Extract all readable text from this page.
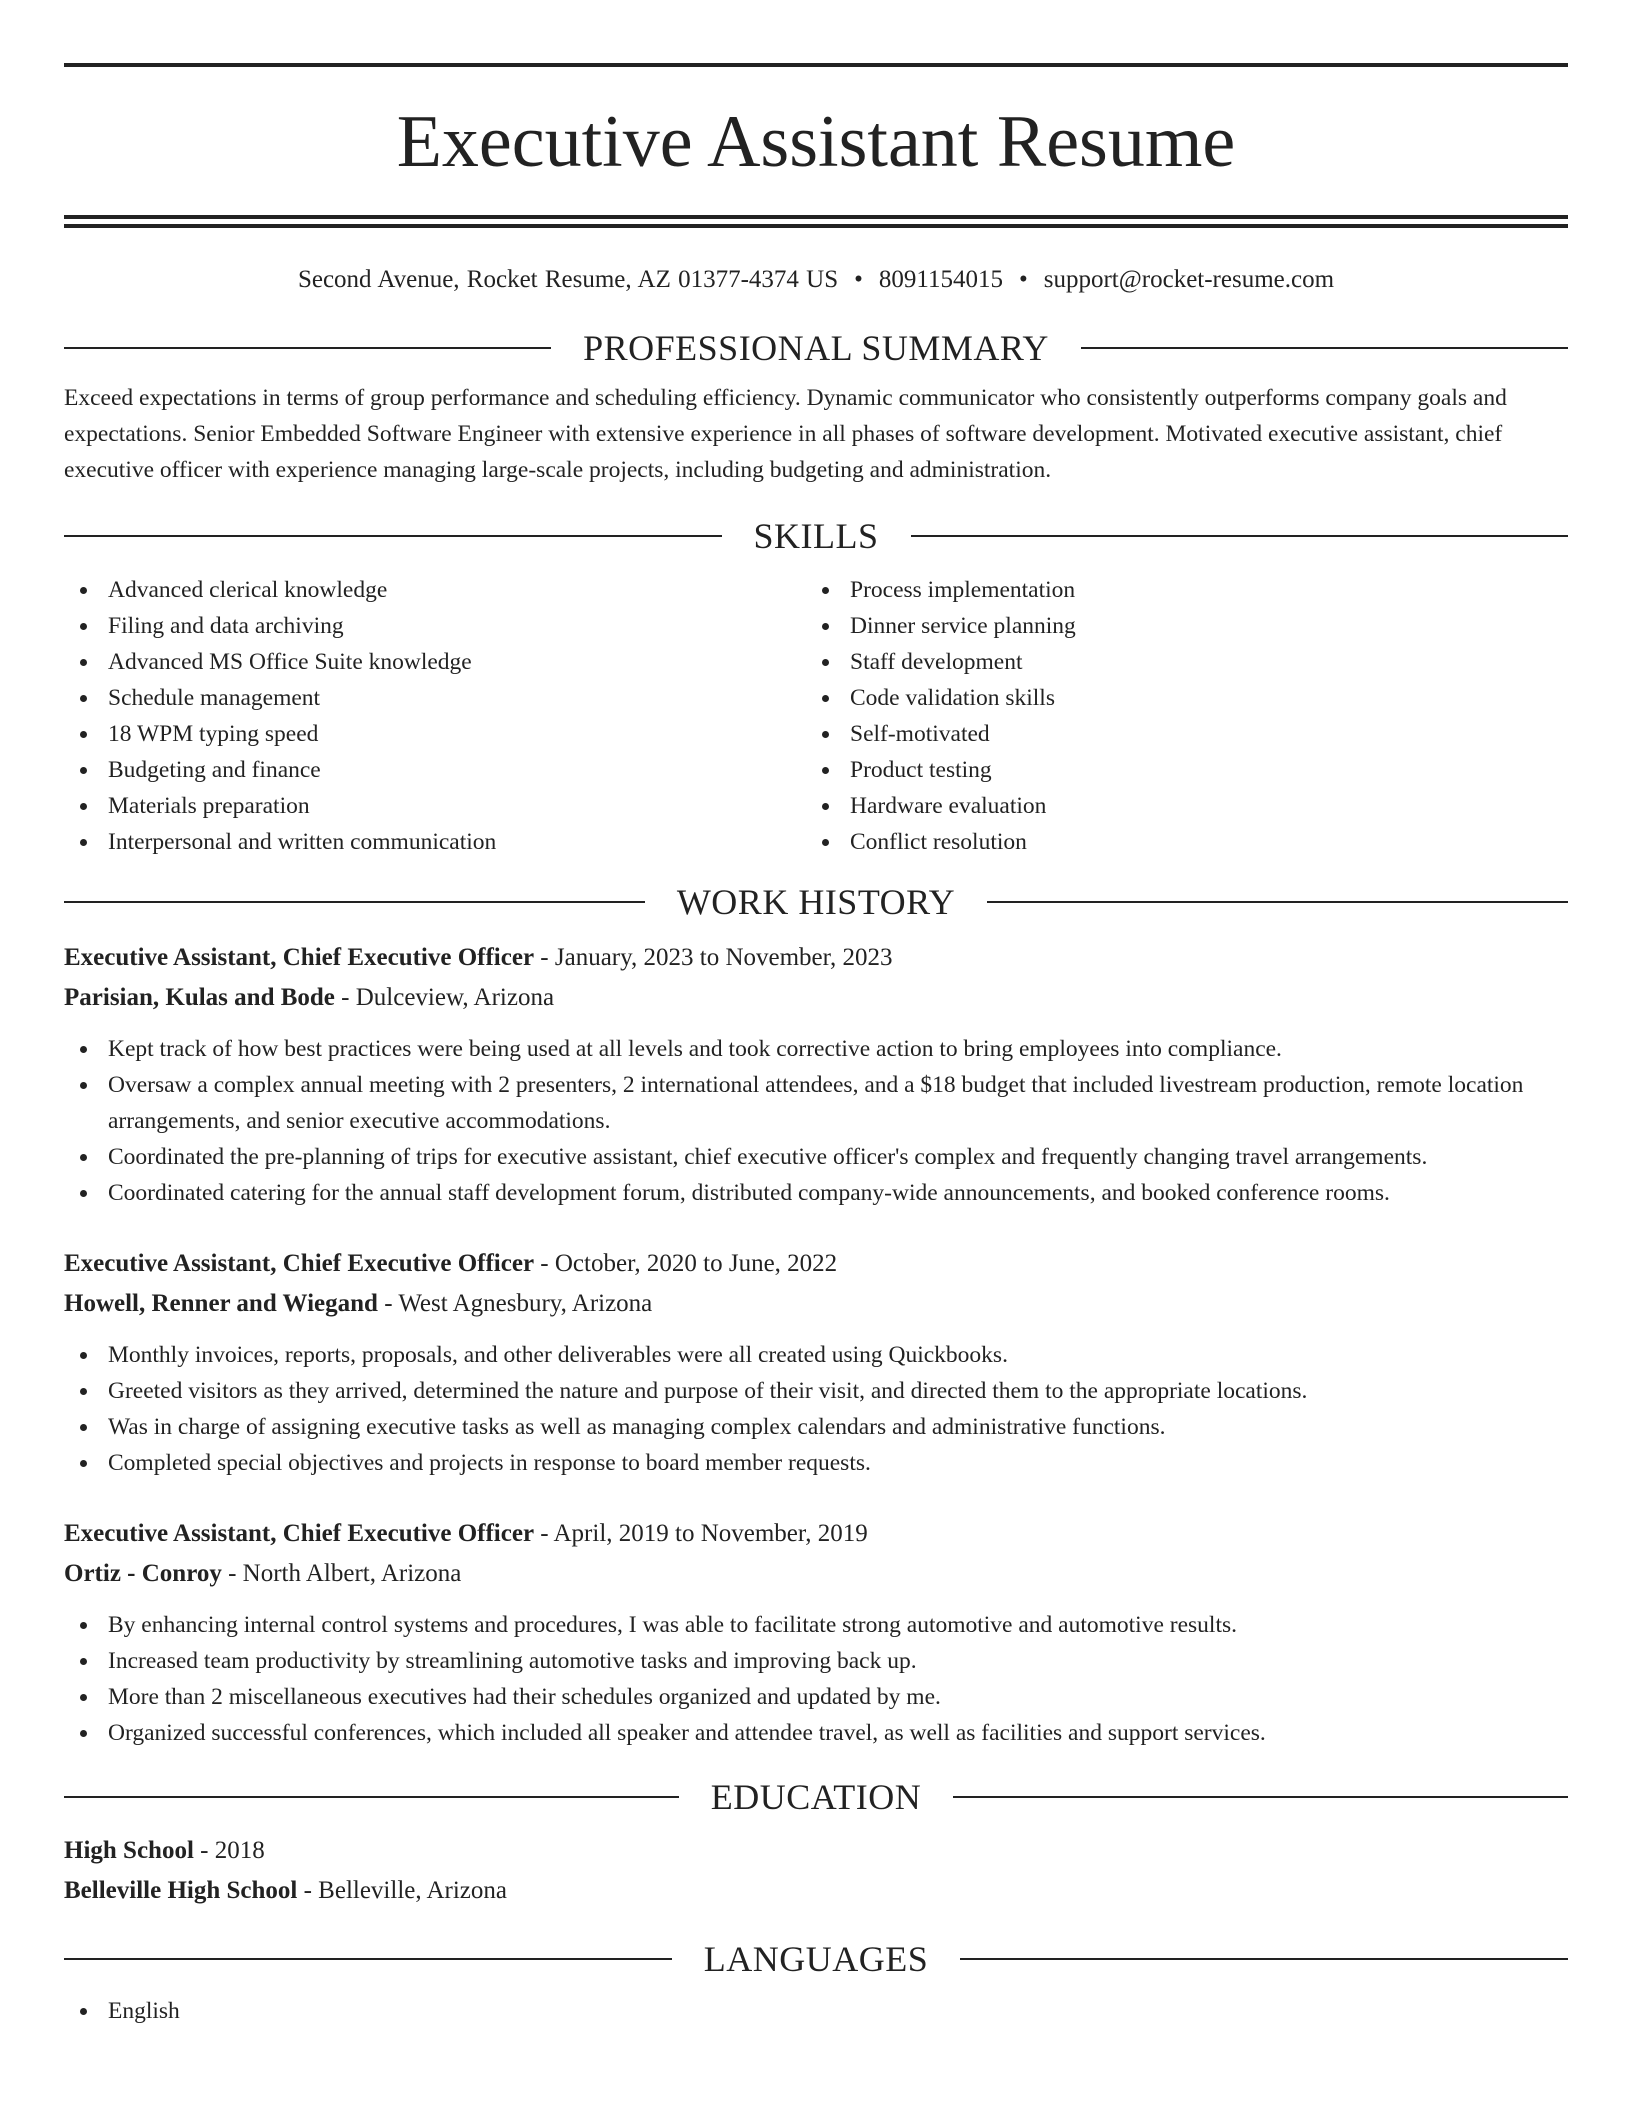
Executive Assistant Resume
Second Avenue, Rocket Resume, AZ 01377-4374 US • 8091154015 • support@rocket-resume.com
PROFESSIONAL SUMMARY
Exceed expectations in terms of group performance and scheduling efficiency. Dynamic communicator who consistently outperforms company goals and expectations. Senior Embedded Software Engineer with extensive experience in all phases of software development. Motivated executive assistant, chief executive officer with experience managing large-scale projects, including budgeting and administration.
SKILLS
Advanced clerical knowledge
Filing and data archiving
Advanced MS Office Suite knowledge
Schedule management
18 WPM typing speed
Budgeting and finance
Materials preparation
Interpersonal and written communication
Process implementation
Dinner service planning
Staff development
Code validation skills
Self-motivated
Product testing
Hardware evaluation
Conflict resolution
WORK HISTORY
Executive Assistant, Chief Executive Officer - January, 2023 to November, 2023
Parisian, Kulas and Bode - Dulceview, Arizona
Kept track of how best practices were being used at all levels and took corrective action to bring employees into compliance.
Oversaw a complex annual meeting with 2 presenters, 2 international attendees, and a $18 budget that included livestream production, remote location arrangements, and senior executive accommodations.
Coordinated the pre-planning of trips for executive assistant, chief executive officer's complex and frequently changing travel arrangements.
Coordinated catering for the annual staff development forum, distributed company-wide announcements, and booked conference rooms.
Executive Assistant, Chief Executive Officer - October, 2020 to June, 2022
Howell, Renner and Wiegand - West Agnesbury, Arizona
Monthly invoices, reports, proposals, and other deliverables were all created using Quickbooks.
Greeted visitors as they arrived, determined the nature and purpose of their visit, and directed them to the appropriate locations.
Was in charge of assigning executive tasks as well as managing complex calendars and administrative functions.
Completed special objectives and projects in response to board member requests.
Executive Assistant, Chief Executive Officer - April, 2019 to November, 2019
Ortiz - Conroy - North Albert, Arizona
By enhancing internal control systems and procedures, I was able to facilitate strong automotive and automotive results.
Increased team productivity by streamlining automotive tasks and improving back up.
More than 2 miscellaneous executives had their schedules organized and updated by me.
Organized successful conferences, which included all speaker and attendee travel, as well as facilities and support services.
EDUCATION
High School - 2018
Belleville High School - Belleville, Arizona
LANGUAGES
English
